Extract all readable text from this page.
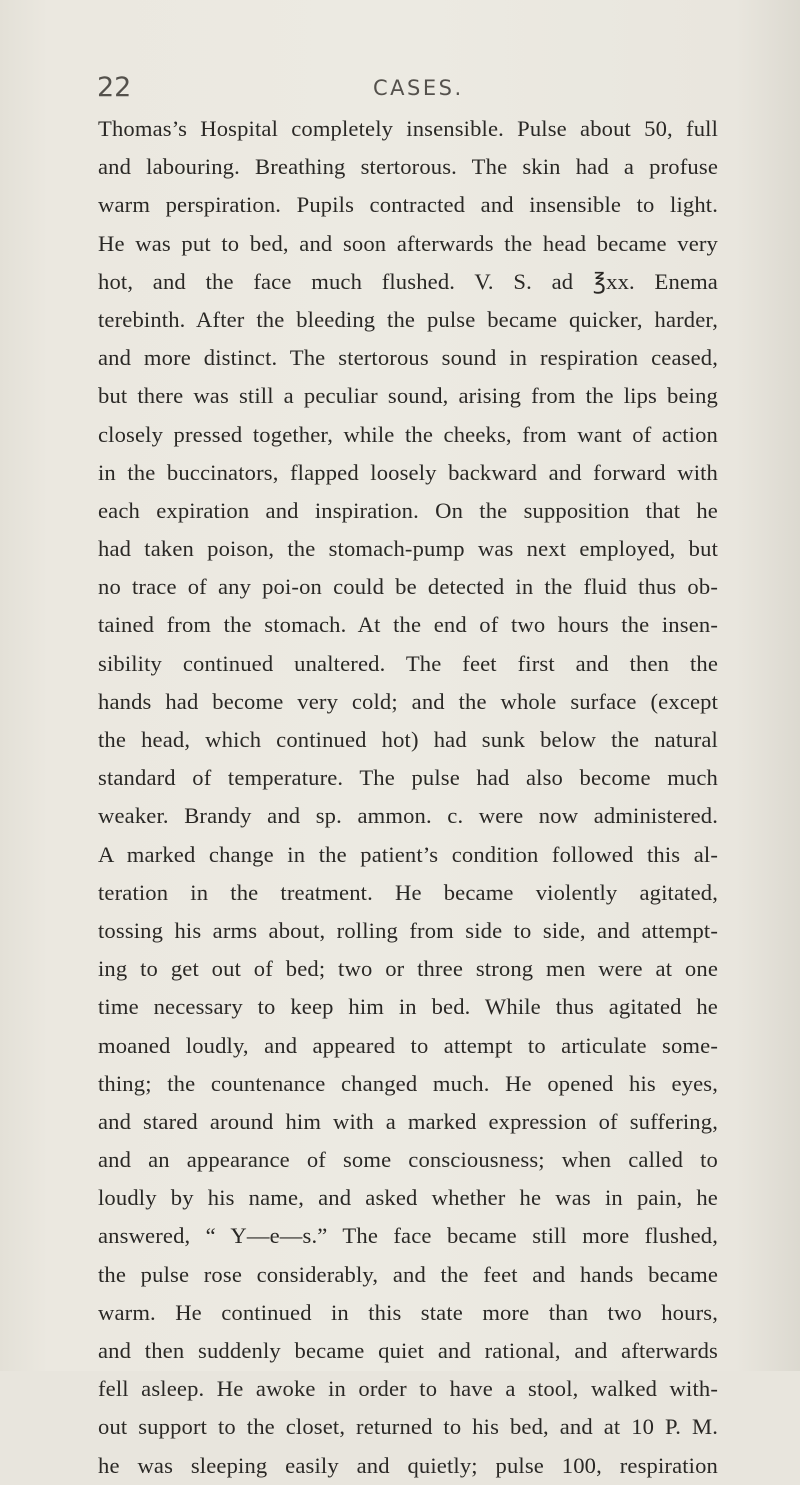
22	CASES.
Thomas’s Hospital completely insensible. Pulse about 50, full
and labouring. Breathing stertorous. The skin had a profuse
warm perspiration. Pupils contracted and insensible to light.
He was put to bed, and soon afterwards the head became very
hot, and the face much flushed. V. S. ad ℥xx. Enema
terebinth. After the bleeding the pulse became quicker, harder,
and more distinct. The stertorous sound in respiration ceased,
but there was still a peculiar sound, arising from the lips being
closely pressed together, while the cheeks, from want of action
in the buccinators, flapped loosely backward and forward with
each expiration and inspiration. On the supposition that he
had taken poison, the stomach-pump was next employed, but
no trace of any poi-on could be detected in the fluid thus ob-
tained from the stomach. At the end of two hours the insen-
sibility continued unaltered. The feet first and then the
hands had become very cold; and the whole surface (except
the head, which continued hot) had sunk below the natural
standard of temperature. The pulse had also become much
weaker. Brandy and sp. ammon. c. were now administered.
A marked change in the patient’s condition followed this al-
teration in the treatment. He became violently agitated,
tossing his arms about, rolling from side to side, and attempt-
ing to get out of bed; two or three strong men were at one
time necessary to keep him in bed. While thus agitated he
moaned loudly, and appeared to attempt to articulate some-
thing; the countenance changed much. He opened his eyes,
and stared around him with a marked expression of suffering,
and an appearance of some consciousness; when called to
loudly by his name, and asked whether he was in pain, he
answered, “ Y—e—s.” The face became still more flushed,
the pulse rose considerably, and the feet and hands became
warm. He continued in this state more than two hours,
and then suddenly became quiet and rational, and afterwards
fell asleep. He awoke in order to have a stool, walked with-
out support to the closet, returned to his bed, and at 10 P. M.
he was sleeping easily and quietly; pulse 100, respiration
